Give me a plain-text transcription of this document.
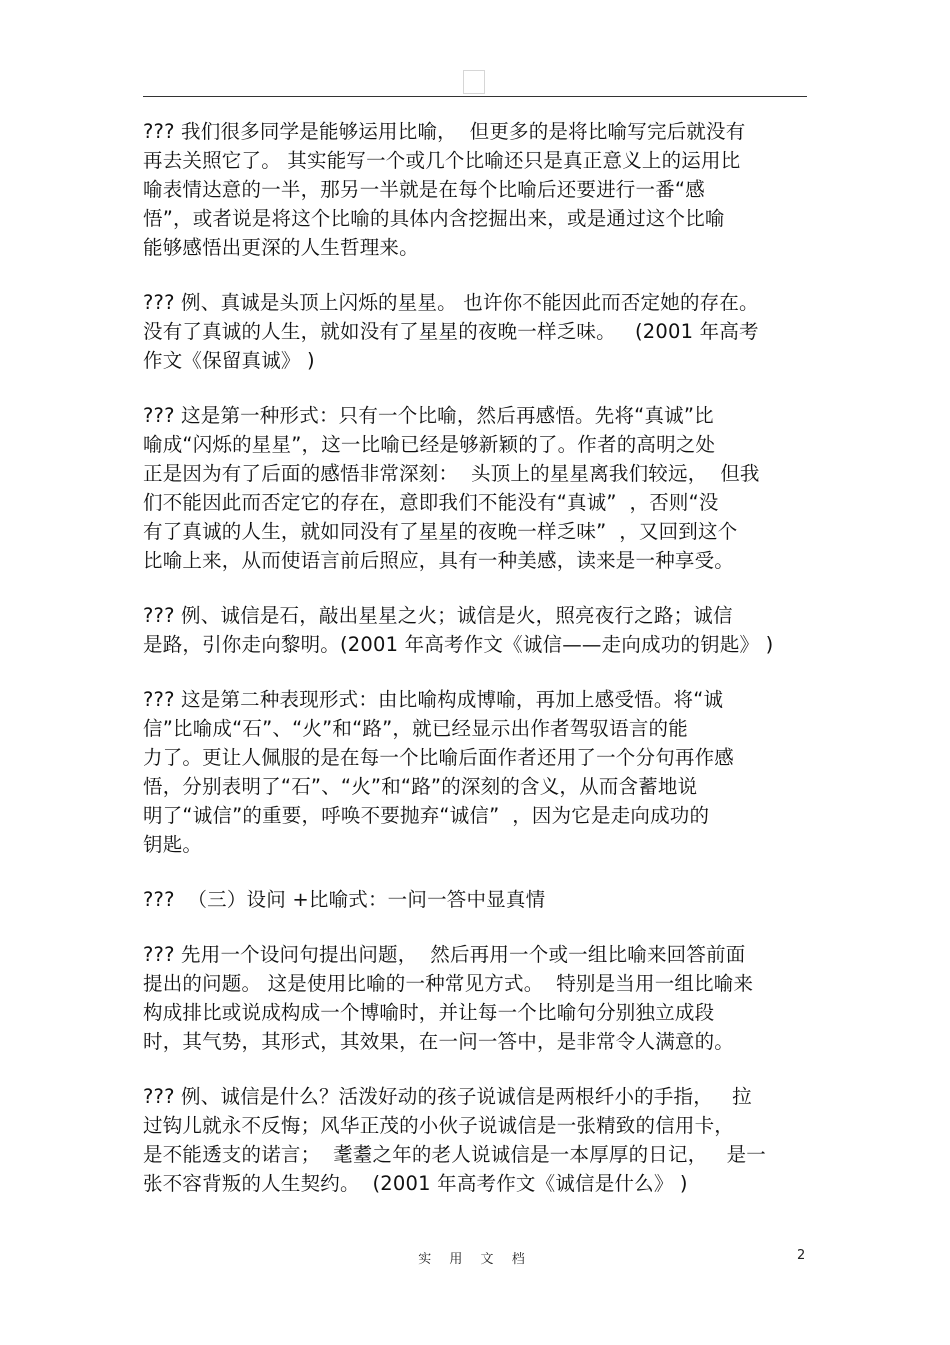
??? 我们很多同学是能够运用比喻，  但更多的是将比喻写完后就没有
再去关照它了。 其实能写一个或几个比喻还只是真正意义上的运用比
喻表情达意的一半，那另一半就是在每个比喻后还要进行一番“感
悟”，或者说是将这个比喻的具体内含挖掘出来，或是通过这个比喻
能够感悟出更深的人生哲理来。

??? 例、真诚是头顶上闪烁的星星。 也许你不能因此而否定她的存在。
没有了真诚的人生，就如没有了星星的夜晚一样乏味。   (2001 年高考
作文《保留真诚》 )

??? 这是第一种形式：只有一个比喻，然后再感悟。先将“真诚”比
喻成“闪烁的星星”，这一比喻已经是够新颖的了。作者的高明之处
正是因为有了后面的感悟非常深刻：  头顶上的星星离我们较远，  但我
们不能因此而否定它的存在，意即我们不能没有“真诚”  ，否则“没
有了真诚的人生，就如同没有了星星的夜晚一样乏味”  ，又回到这个
比喻上来，从而使语言前后照应，具有一种美感，读来是一种享受。

??? 例、诚信是石，敲出星星之火；诚信是火，照亮夜行之路；诚信
是路，引你走向黎明。(2001 年高考作文《诚信——走向成功的钥匙》 )

??? 这是第二种表现形式：由比喻构成博喻，再加上感受悟。将“诚
信”比喻成“石”、“火”和“路”，就已经显示出作者驾驭语言的能
力了。更让人佩服的是在每一个比喻后面作者还用了一个分句再作感
悟，分别表明了“石”、“火”和“路”的深刻的含义，从而含蓄地说
明了“诚信”的重要，呼唤不要抛弃“诚信”  ，因为它是走向成功的
钥匙。

???  （三）设问 +比喻式：一问一答中显真情

??? 先用一个设问句提出问题，  然后再用一个或一组比喻来回答前面
提出的问题。 这是使用比喻的一种常见方式。  特别是当用一组比喻来
构成排比或说成构成一个博喻时，并让每一个比喻句分别独立成段
时，其气势，其形式，其效果，在一问一答中，是非常令人满意的。

??? 例、诚信是什么？活泼好动的孩子说诚信是两根纤小的手指，   拉
过钩儿就永不反悔；风华正茂的小伙子说诚信是一张精致的信用卡，
是不能透支的诺言；  耄耋之年的老人说诚信是一本厚厚的日记，   是一
张不容背叛的人生契约。  (2001 年高考作文《诚信是什么》 )

实 用 文 档	2
